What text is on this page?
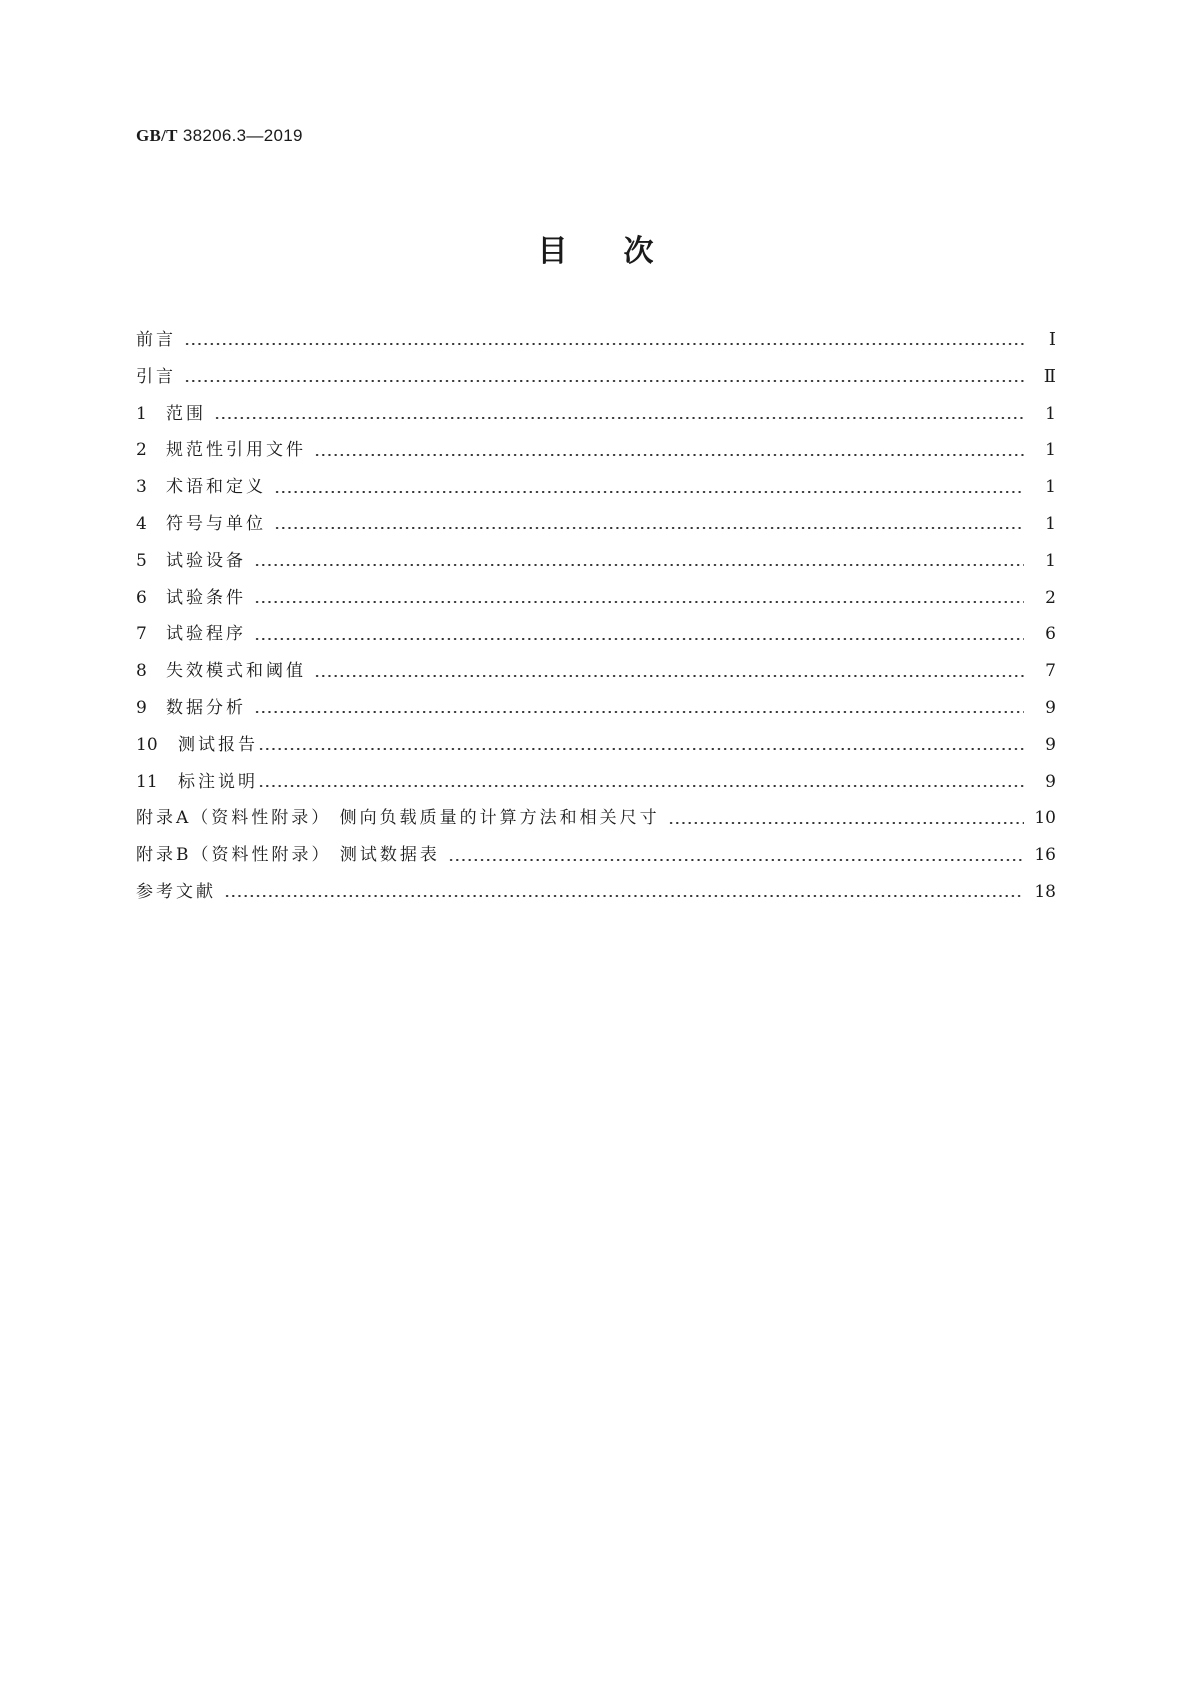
GB/T 38206.3—2019
目次
前言	Ⅰ
引言	Ⅱ
1 范围	1
2 规范性引用文件	1
3 术语和定义	1
4 符号与单位	1
5 试验设备	1
6 试验条件	2
7 试验程序	6
8 失效模式和阈值	7
9 数据分析	9
10 测试报告	9
11 标注说明	9
附录A（资料性附录） 侧向负载质量的计算方法和相关尺寸	10
附录B（资料性附录） 测试数据表	16
参考文献	18
